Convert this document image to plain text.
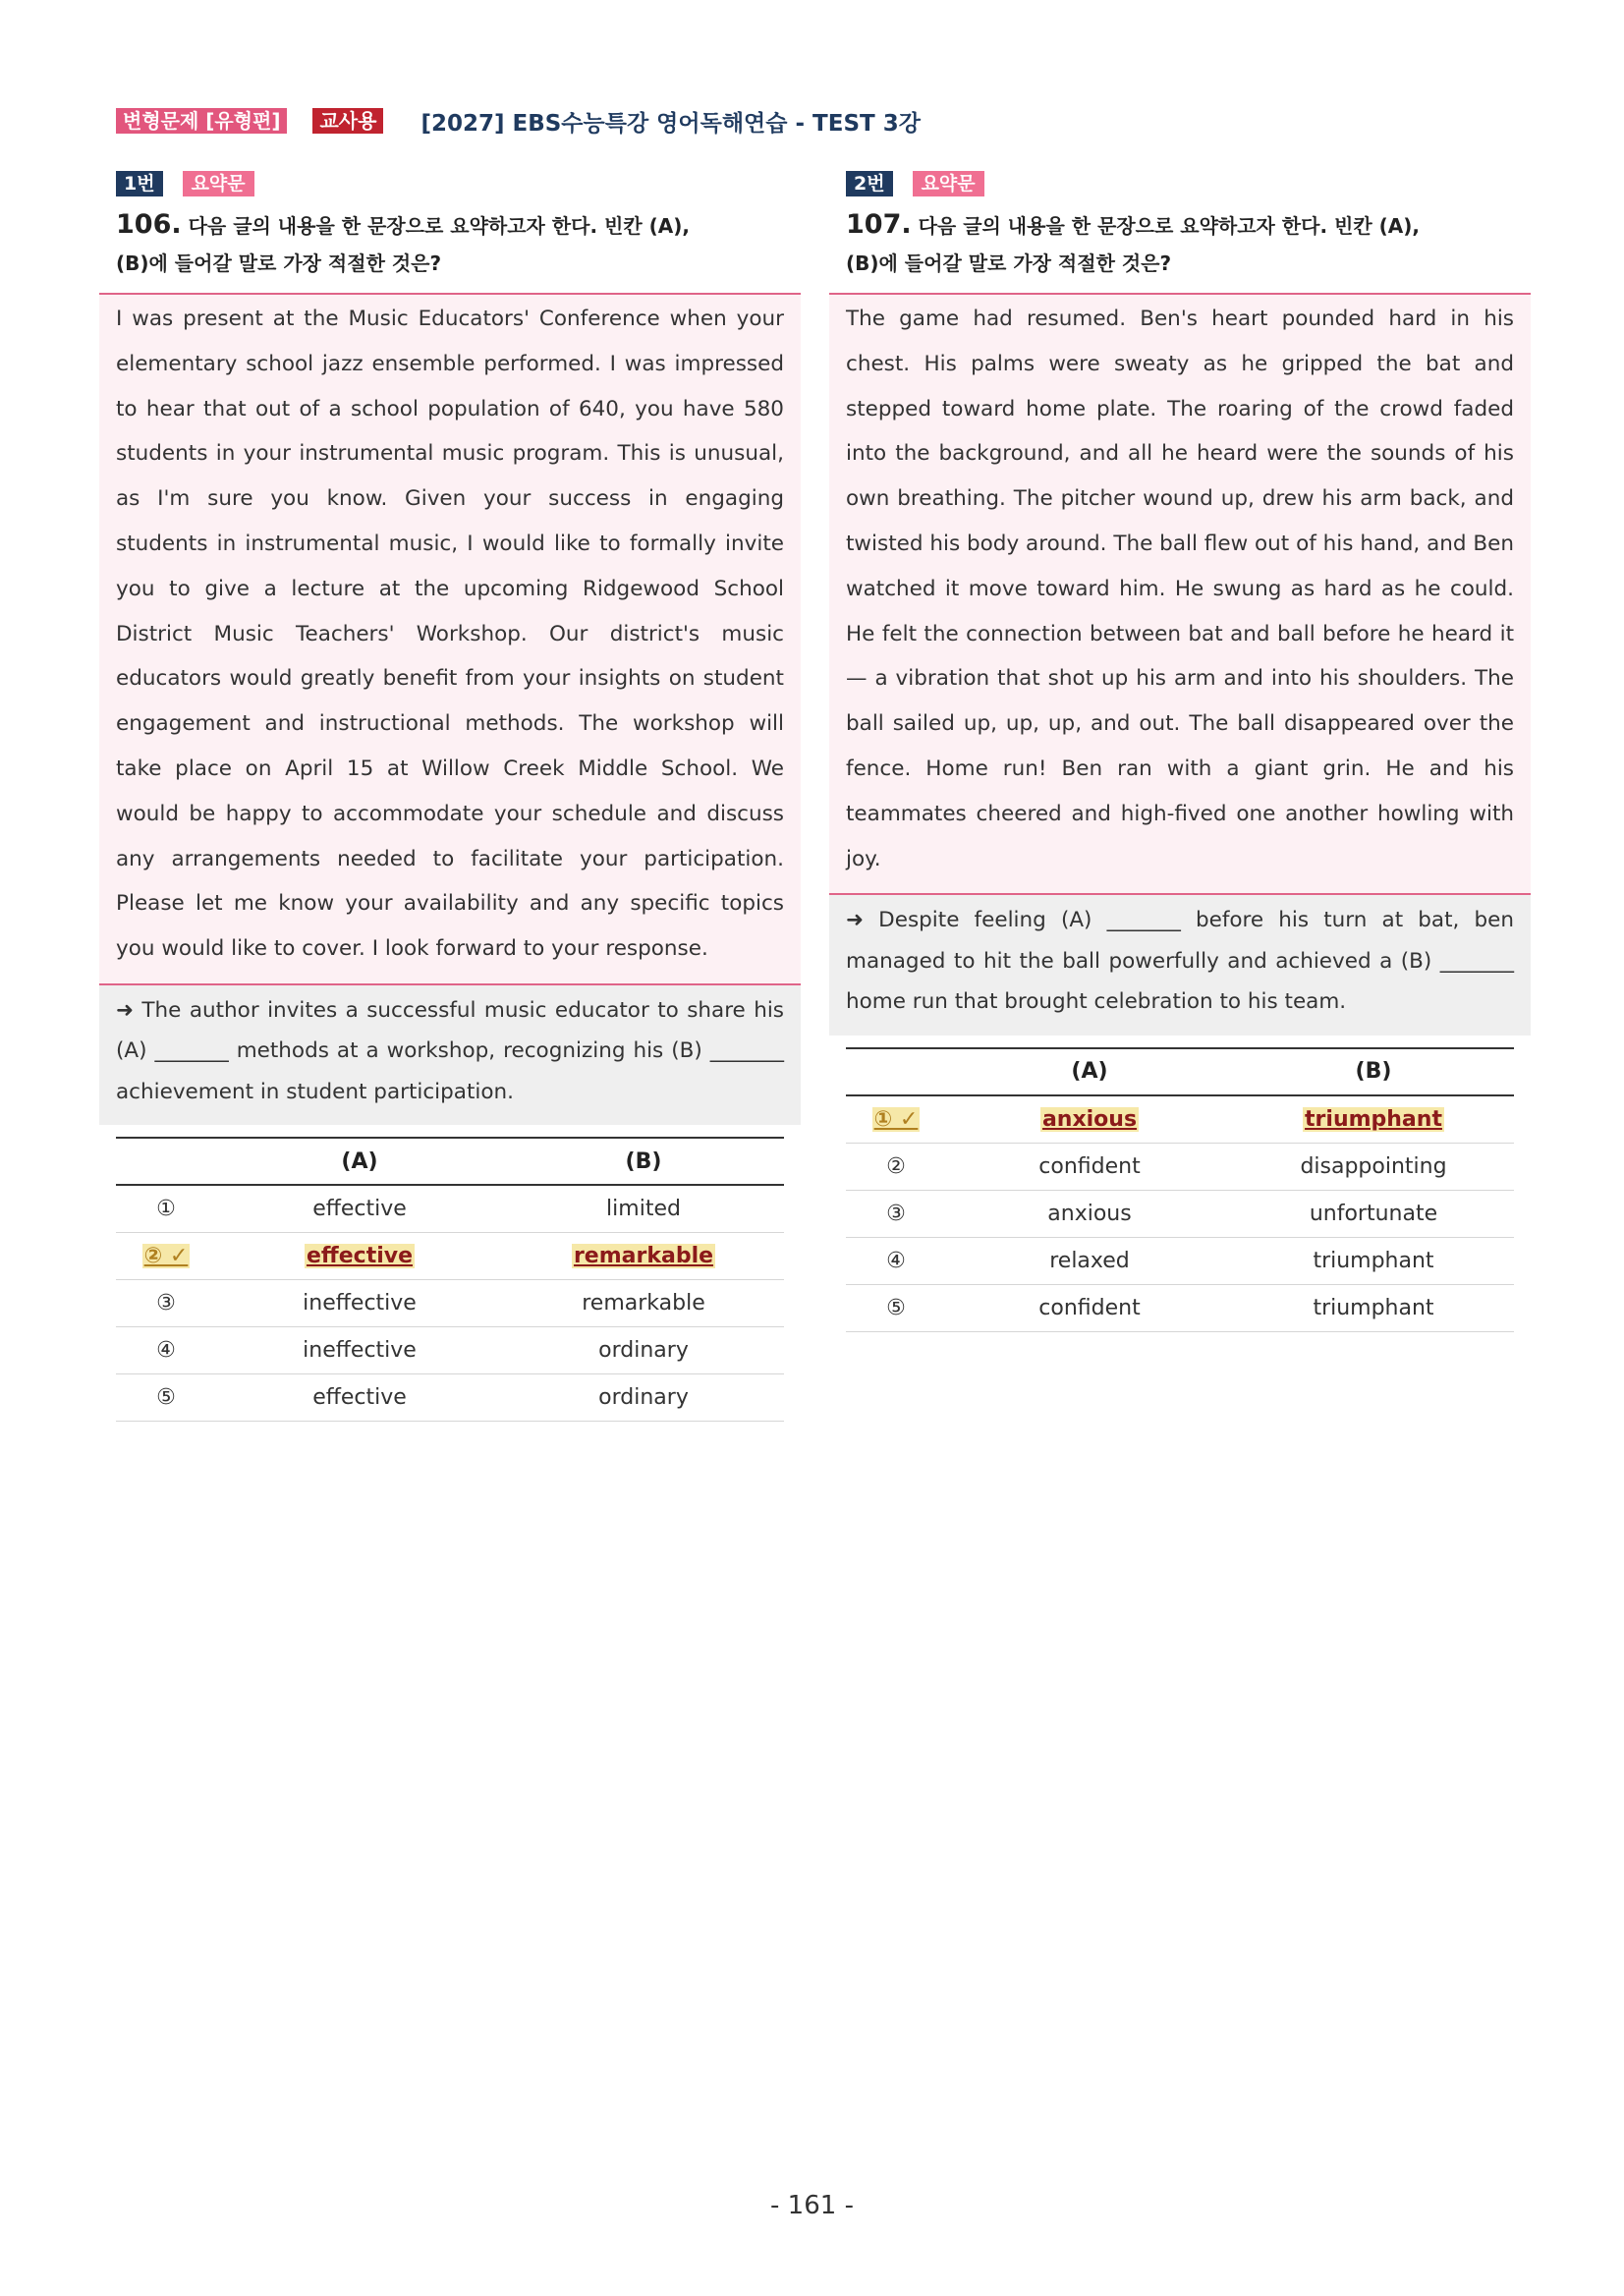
변형문제 [유형편]	교사용	[2027] EBS수능특강 영어독해연습 - TEST 3강
1번	요약문
106. 다음 글의 내용을 한 문장으로 요약하고자 한다. 빈칸 (A),
(B)에 들어갈 말로 가장 적절한 것은?
I was present at the Music Educators' Conference when your elementary school jazz ensemble performed. I was impressed to hear that out of a school population of 640, you have 580 students in your instrumental music program. This is unusual, as I'm sure you know. Given your success in engaging students in instrumental music, I would like to formally invite you to give a lecture at the upcoming Ridgewood School District Music Teachers' Workshop. Our district's music educators would greatly benefit from your insights on student engagement and instructional methods. The workshop will take place on April 15 at Willow Creek Middle School. We would be happy to accommodate your schedule and discuss any arrangements needed to facilitate your participation. Please let me know your availability and any specific topics you would like to cover. I look forward to your response.
➜ The author invites a successful music educator to share his (A) _______ methods at a workshop, recognizing his (B) _______ achievement in student participation.
	(A)	(B)
①	effective	limited
② ✓	effective	remarkable
③	ineffective	remarkable
④	ineffective	ordinary
⑤	effective	ordinary
2번	요약문
107. 다음 글의 내용을 한 문장으로 요약하고자 한다. 빈칸 (A),
(B)에 들어갈 말로 가장 적절한 것은?
The game had resumed. Ben's heart pounded hard in his chest. His palms were sweaty as he gripped the bat and stepped toward home plate. The roaring of the crowd faded into the background, and all he heard were the sounds of his own breathing. The pitcher wound up, drew his arm back, and twisted his body around. The ball flew out of his hand, and Ben watched it move toward him. He swung as hard as he could. He felt the connection between bat and ball before he heard it — a vibration that shot up his arm and into his shoulders. The ball sailed up, up, up, and out. The ball disappeared over the fence. Home run! Ben ran with a giant grin. He and his teammates cheered and high-fived one another howling with joy.
➜ Despite feeling (A) _______ before his turn at bat, ben managed to hit the ball powerfully and achieved a (B) _______ home run that brought celebration to his team.
	(A)	(B)
① ✓	anxious	triumphant
②	confident	disappointing
③	anxious	unfortunate
④	relaxed	triumphant
⑤	confident	triumphant
- 161 -
